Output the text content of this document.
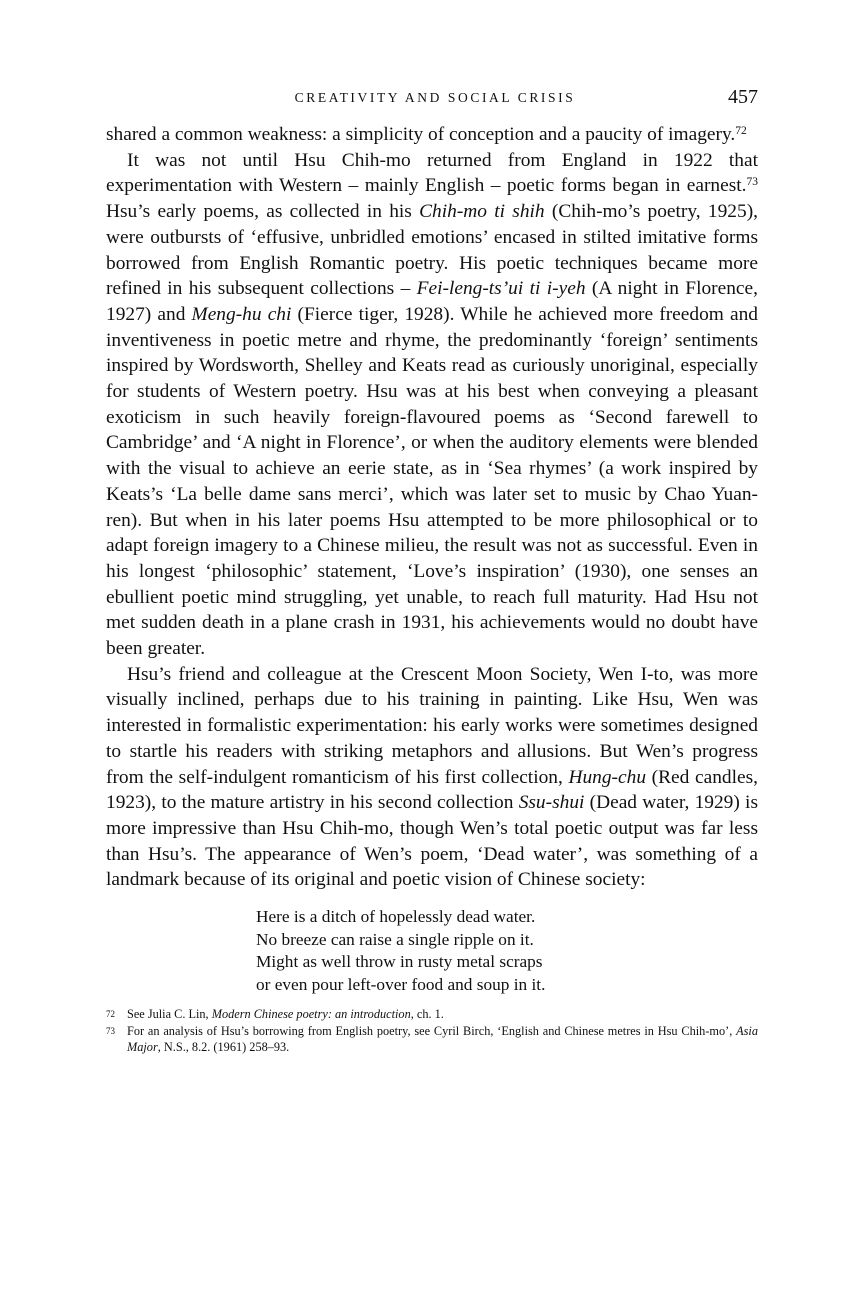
CREATIVITY AND SOCIAL CRISIS	457

shared a common weakness: a simplicity of conception and a paucity of imagery.$^{72}$

It was not until Hsu Chih-mo returned from England in 1922 that experimentation with Western – mainly English – poetic forms began in earnest.$^{73}$ Hsu’s early poems, as collected in his Chih-mo ti shih (Chih-mo’s poetry, 1925), were outbursts of ‘effusive, unbridled emotions’ encased in stilted imitative forms borrowed from English Romantic poetry. His poetic techniques became more refined in his subsequent collections – Fei-leng-ts’ui ti i-yeh (A night in Florence, 1927) and Meng-hu chi (Fierce tiger, 1928). While he achieved more freedom and inventiveness in poetic metre and rhyme, the predominantly ‘foreign’ sentiments inspired by Wordsworth, Shelley and Keats read as curiously unoriginal, especially for students of Western poetry. Hsu was at his best when conveying a pleasant exoticism in such heavily foreign-flavoured poems as ‘Second farewell to Cambridge’ and ‘A night in Florence’, or when the auditory elements were blended with the visual to achieve an eerie state, as in ‘Sea rhymes’ (a work inspired by Keats’s ‘La belle dame sans merci’, which was later set to music by Chao Yuan-ren). But when in his later poems Hsu attempted to be more philosophical or to adapt foreign imagery to a Chinese milieu, the result was not as successful. Even in his longest ‘philosophic’ statement, ‘Love’s inspiration’ (1930), one senses an ebullient poetic mind struggling, yet unable, to reach full maturity. Had Hsu not met sudden death in a plane crash in 1931, his achievements would no doubt have been greater.

Hsu’s friend and colleague at the Crescent Moon Society, Wen I-to, was more visually inclined, perhaps due to his training in painting. Like Hsu, Wen was interested in formalistic experimentation: his early works were sometimes designed to startle his readers with striking metaphors and allusions. But Wen’s progress from the self-indulgent romanticism of his first collection, Hung-chu (Red candles, 1923), to the mature artistry in his second collection Ssu-shui (Dead water, 1929) is more impressive than Hsu Chih-mo, though Wen’s total poetic output was far less than Hsu’s. The appearance of Wen’s poem, ‘Dead water’, was something of a landmark because of its original and poetic vision of Chinese society:

Here is a ditch of hopelessly dead water.
No breeze can raise a single ripple on it.
Might as well throw in rusty metal scraps
or even pour left-over food and soup in it.
72 See Julia C. Lin, Modern Chinese poetry: an introduction, ch. 1.
73 For an analysis of Hsu’s borrowing from English poetry, see Cyril Birch, ‘English and Chinese metres in Hsu Chih-mo’, Asia Major, N.S., 8.2. (1961) 258–93.
